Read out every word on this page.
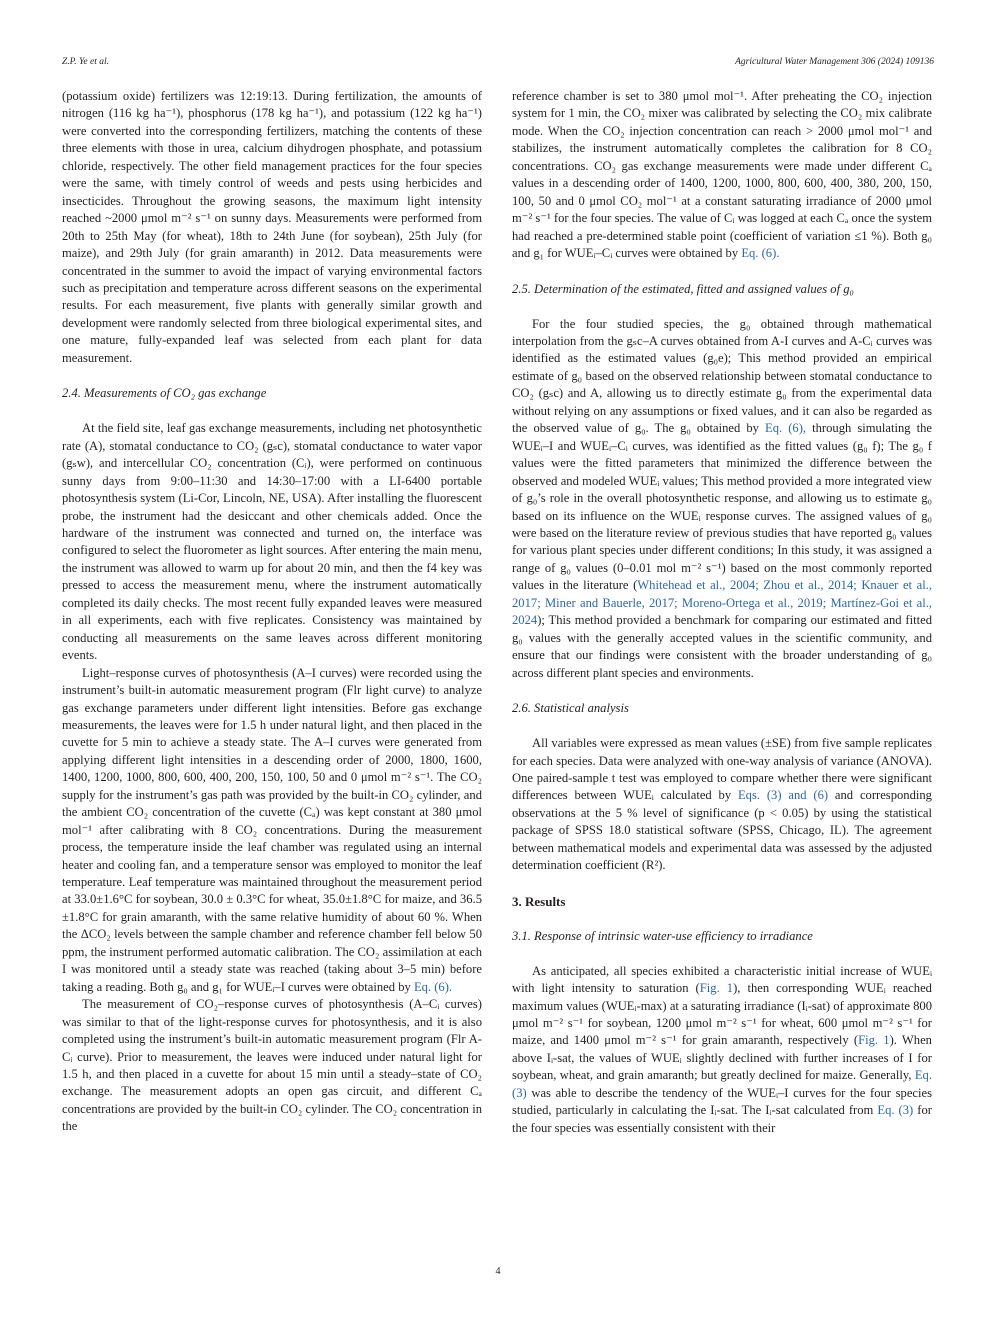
Z.P. Ye et al.	Agricultural Water Management 306 (2024) 109136

(potassium oxide) fertilizers was 12:19:13. During fertilization, the amounts of nitrogen (116 kg ha⁻¹), phosphorus (178 kg ha⁻¹), and potassium (122 kg ha⁻¹) were converted into the corresponding fertilizers, matching the contents of these three elements with those in urea, calcium dihydrogen phosphate, and potassium chloride, respectively. The other field management practices for the four species were the same, with timely control of weeds and pests using herbicides and insecticides. Throughout the growing seasons, the maximum light intensity reached ~2000 μmol m⁻² s⁻¹ on sunny days. Measurements were performed from 20th to 25th May (for wheat), 18th to 24th June (for soybean), 25th July (for maize), and 29th July (for grain amaranth) in 2012. Data measurements were concentrated in the summer to avoid the impact of varying environmental factors such as precipitation and temperature across different seasons on the experimental results. For each measurement, five plants with generally similar growth and development were randomly selected from three biological experimental sites, and one mature, fully-expanded leaf was selected from each plant for data measurement.

2.4. Measurements of CO₂ gas exchange

At the field site, leaf gas exchange measurements, including net photosynthetic rate (A), stomatal conductance to CO₂ (gₛc), stomatal conductance to water vapor (gₛw), and intercellular CO₂ concentration (Cᵢ), were performed on continuous sunny days from 9:00–11:30 and 14:30–17:00 with a LI-6400 portable photosynthesis system (Li-Cor, Lincoln, NE, USA). After installing the fluorescent probe, the instrument had the desiccant and other chemicals added. Once the hardware of the instrument was connected and turned on, the interface was configured to select the fluorometer as light sources. After entering the main menu, the instrument was allowed to warm up for about 20 min, and then the f4 key was pressed to access the measurement menu, where the instrument automatically completed its daily checks. The most recent fully expanded leaves were measured in all experiments, each with five replicates. Consistency was maintained by conducting all measurements on the same leaves across different monitoring events.

Light–response curves of photosynthesis (A–I curves) were recorded using the instrument’s built-in automatic measurement program (Flr light curve) to analyze gas exchange parameters under different light intensities. Before gas exchange measurements, the leaves were for 1.5 h under natural light, and then placed in the cuvette for 5 min to achieve a steady state. The A–I curves were generated from applying different light intensities in a descending order of 2000, 1800, 1600, 1400, 1200, 1000, 800, 600, 400, 200, 150, 100, 50 and 0 μmol m⁻² s⁻¹. The CO₂ supply for the instrument’s gas path was provided by the built-in CO₂ cylinder, and the ambient CO₂ concentration of the cuvette (Cₐ) was kept constant at 380 μmol mol⁻¹ after calibrating with 8 CO₂ concentrations. During the measurement process, the temperature inside the leaf chamber was regulated using an internal heater and cooling fan, and a temperature sensor was employed to monitor the leaf temperature. Leaf temperature was maintained throughout the measurement period at 33.0±1.6°C for soybean, 30.0 ± 0.3°C for wheat, 35.0±1.8°C for maize, and 36.5 ±1.8°C for grain amaranth, with the same relative humidity of about 60 %. When the ΔCO₂ levels between the sample chamber and reference chamber fell below 50 ppm, the instrument performed automatic calibration. The CO₂ assimilation at each I was monitored until a steady state was reached (taking about 3–5 min) before taking a reading. Both g₀ and g₁ for WUEᵢ–I curves were obtained by Eq. (6).

The measurement of CO₂–response curves of photosynthesis (A–Cᵢ curves) was similar to that of the light-response curves for photosynthesis, and it is also completed using the instrument’s built-in automatic measurement program (Flr A-Cᵢ curve). Prior to measurement, the leaves were induced under natural light for 1.5 h, and then placed in a cuvette for about 15 min until a steady–state of CO₂ exchange. The measurement adopts an open gas circuit, and different Cₐ concentrations are provided by the built-in CO₂ cylinder. The CO₂ concentration in the

reference chamber is set to 380 μmol mol⁻¹. After preheating the CO₂ injection system for 1 min, the CO₂ mixer was calibrated by selecting the CO₂ mix calibrate mode. When the CO₂ injection concentration can reach > 2000 μmol mol⁻¹ and stabilizes, the instrument automatically completes the calibration for 8 CO₂ concentrations. CO₂ gas exchange measurements were made under different Cₐ values in a descending order of 1400, 1200, 1000, 800, 600, 400, 380, 200, 150, 100, 50 and 0 μmol CO₂ mol⁻¹ at a constant saturating irradiance of 2000 μmol m⁻² s⁻¹ for the four species. The value of Cᵢ was logged at each Cₐ once the system had reached a pre-determined stable point (coefficient of variation ≤1 %). Both g₀ and g₁ for WUEᵢ–Cᵢ curves were obtained by Eq. (6).

2.5. Determination of the estimated, fitted and assigned values of g₀

For the four studied species, the g₀ obtained through mathematical interpolation from the gₛc–A curves obtained from A-I curves and A-Cᵢ curves was identified as the estimated values (g₀e); This method provided an empirical estimate of g₀ based on the observed relationship between stomatal conductance to CO₂ (gₛc) and A, allowing us to directly estimate g₀ from the experimental data without relying on any assumptions or fixed values, and it can also be regarded as the observed value of g₀. The g₀ obtained by Eq. (6), through simulating the WUEᵢ–I and WUEᵢ–Cᵢ curves, was identified as the fitted values (g₀ f); The g₀ f values were the fitted parameters that minimized the difference between the observed and modeled WUEᵢ values; This method provided a more integrated view of g₀’s role in the overall photosynthetic response, and allowing us to estimate g₀ based on its influence on the WUEᵢ response curves. The assigned values of g₀ were based on the literature review of previous studies that have reported g₀ values for various plant species under different conditions; In this study, it was assigned a range of g₀ values (0–0.01 mol m⁻² s⁻¹) based on the most commonly reported values in the literature (Whitehead et al., 2004; Zhou et al., 2014; Knauer et al., 2017; Miner and Bauerle, 2017; Moreno-Ortega et al., 2019; Martínez-Goi et al., 2024); This method provided a benchmark for comparing our estimated and fitted g₀ values with the generally accepted values in the scientific community, and ensure that our findings were consistent with the broader understanding of g₀ across different plant species and environments.

2.6. Statistical analysis

All variables were expressed as mean values (±SE) from five sample replicates for each species. Data were analyzed with one-way analysis of variance (ANOVA). One paired-sample t test was employed to compare whether there were significant differences between WUEᵢ calculated by Eqs. (3) and (6) and corresponding observations at the 5 % level of significance (p < 0.05) by using the statistical package of SPSS 18.0 statistical software (SPSS, Chicago, IL). The agreement between mathematical models and experimental data was assessed by the adjusted determination coefficient (R²).

3. Results
3.1. Response of intrinsic water-use efficiency to irradiance

As anticipated, all species exhibited a characteristic initial increase of WUEᵢ with light intensity to saturation (Fig. 1), then corresponding WUEᵢ reached maximum values (WUEᵢ-max) at a saturating irradiance (Iᵢ-sat) of approximate 800 μmol m⁻² s⁻¹ for soybean, 1200 μmol m⁻² s⁻¹ for wheat, 600 μmol m⁻² s⁻¹ for maize, and 1400 μmol m⁻² s⁻¹ for grain amaranth, respectively (Fig. 1). When above Iᵢ-sat, the values of WUEᵢ slightly declined with further increases of I for soybean, wheat, and grain amaranth; but greatly declined for maize. Generally, Eq. (3) was able to describe the tendency of the WUEᵢ–I curves for the four species studied, particularly in calculating the Iᵢ-sat. The Iᵢ-sat calculated from Eq. (3) for the four species was essentially consistent with their

4
